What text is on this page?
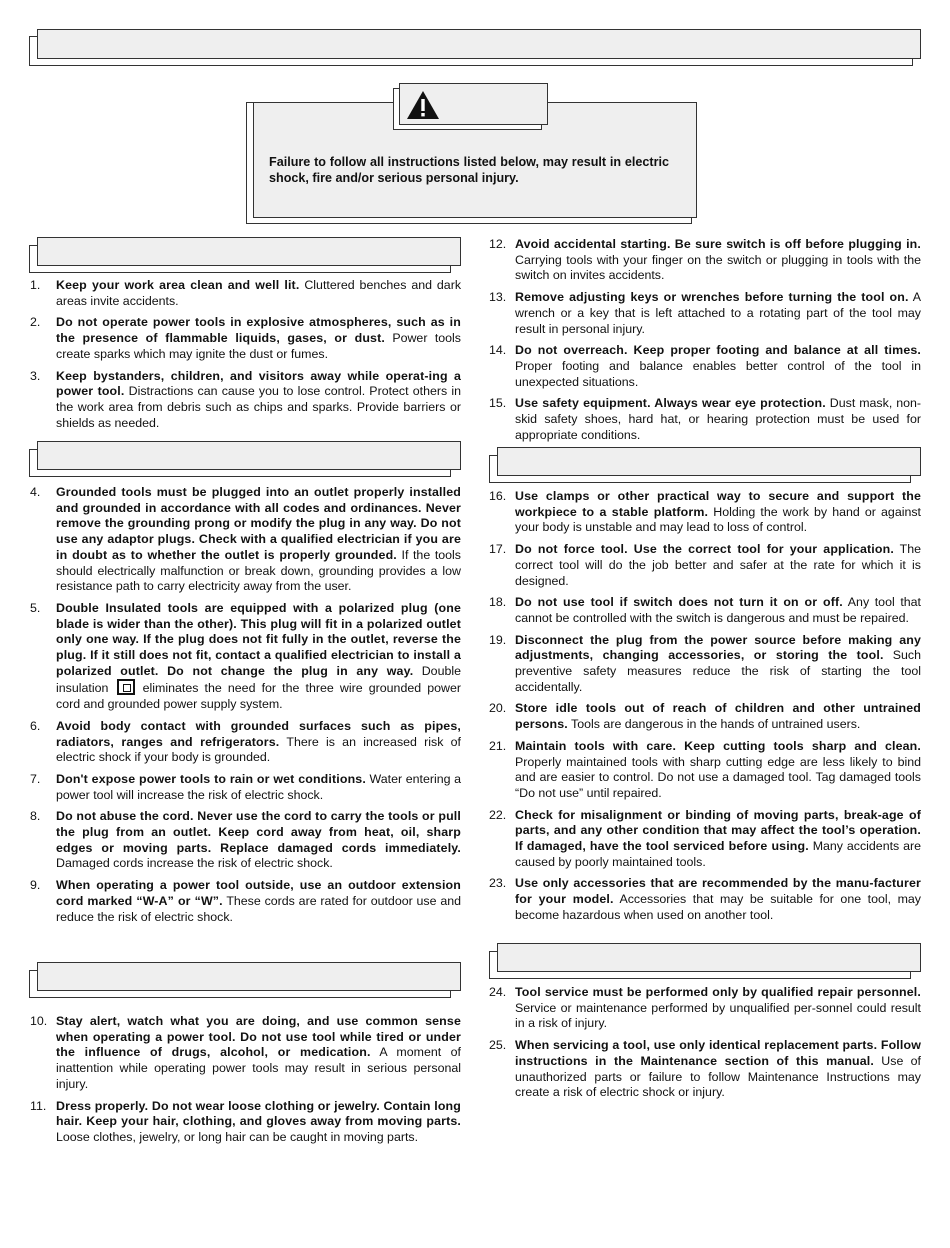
Failure to follow all instructions listed below, may result in electric shock, fire and/or serious personal injury.
1. Keep your work area clean and well lit. Cluttered benches and dark areas invite accidents.
2. Do not operate power tools in explosive atmospheres, such as in the presence of flammable liquids, gases, or dust. Power tools create sparks which may ignite the dust or fumes.
3. Keep bystanders, children, and visitors away while operat-ing a power tool. Distractions can cause you to lose control. Protect others in the work area from debris such as chips and sparks. Provide barriers or shields as needed.
4. Grounded tools must be plugged into an outlet properly installed and grounded in accordance with all codes and ordinances. Never remove the grounding prong or modify the plug in any way. Do not use any adaptor plugs. Check with a qualified electrician if you are in doubt as to whether the outlet is properly grounded. If the tools should electrically malfunction or break down, grounding provides a low resistance path to carry electricity away from the user.
5. Double Insulated tools are equipped with a polarized plug (one blade is wider than the other). This plug will fit in a polarized outlet only one way. If the plug does not fit fully in the outlet, reverse the plug. If it still does not fit, contact a qualified electrician to install a polarized outlet. Do not change the plug in any way. Double insulation	eliminates the need for the three wire grounded power cord and grounded power supply system.
6. Avoid body contact with grounded surfaces such as pipes, radiators, ranges and refrigerators. There is an increased risk of electric shock if your body is grounded.
7. Don't expose power tools to rain or wet conditions. Water entering a power tool will increase the risk of electric shock.
8. Do not abuse the cord. Never use the cord to carry the tools or pull the plug from an outlet. Keep cord away from heat, oil, sharp edges or moving parts. Replace damaged cords immediately. Damaged cords increase the risk of electric shock.
9. When operating a power tool outside, use an outdoor extension cord marked “W-A” or “W”. These cords are rated for outdoor use and reduce the risk of electric shock.
10. Stay alert, watch what you are doing, and use common sense when operating a power tool. Do not use tool while tired or under the influence of drugs, alcohol, or medication. A moment of inattention while operating power tools may result in serious personal injury.
11. Dress properly. Do not wear loose clothing or jewelry. Contain long hair. Keep your hair, clothing, and gloves away from moving parts. Loose clothes, jewelry, or long hair can be caught in moving parts.
12. Avoid accidental starting. Be sure switch is off before plugging in. Carrying tools with your finger on the switch or plugging in tools with the switch on invites accidents.
13. Remove adjusting keys or wrenches before turning the tool on. A wrench or a key that is left attached to a rotating part of the tool may result in personal injury.
14. Do not overreach. Keep proper footing and balance at all times. Proper footing and balance enables better control of the tool in unexpected situations.
15. Use safety equipment. Always wear eye protection. Dust mask, non-skid safety shoes, hard hat, or hearing protection must be used for appropriate conditions.
16. Use clamps or other practical way to secure and support the workpiece to a stable platform. Holding the work by hand or against your body is unstable and may lead to loss of control.
17. Do not force tool. Use the correct tool for your application. The correct tool will do the job better and safer at the rate for which it is designed.
18. Do not use tool if switch does not turn it on or off. Any tool that cannot be controlled with the switch is dangerous and must be repaired.
19. Disconnect the plug from the power source before making any adjustments, changing accessories, or storing the tool. Such preventive safety measures reduce the risk of starting the tool accidentally.
20. Store idle tools out of reach of children and other untrained persons. Tools are dangerous in the hands of untrained users.
21. Maintain tools with care. Keep cutting tools sharp and clean. Properly maintained tools with sharp cutting edge are less likely to bind and are easier to control. Do not use a damaged tool. Tag damaged tools “Do not use” until repaired.
22. Check for misalignment or binding of moving parts, break-age of parts, and any other condition that may affect the tool’s operation. If damaged, have the tool serviced before using. Many accidents are caused by poorly maintained tools.
23. Use only accessories that are recommended by the manu-facturer for your model. Accessories that may be suitable for one tool, may become hazardous when used on another tool.
24. Tool service must be performed only by qualified repair personnel. Service or maintenance performed by unqualified per-sonnel could result in a risk of injury.
25. When servicing a tool, use only identical replacement parts. Follow instructions in the Maintenance section of this manual. Use of unauthorized parts or failure to follow Maintenance Instructions may create a risk of electric shock or injury.
